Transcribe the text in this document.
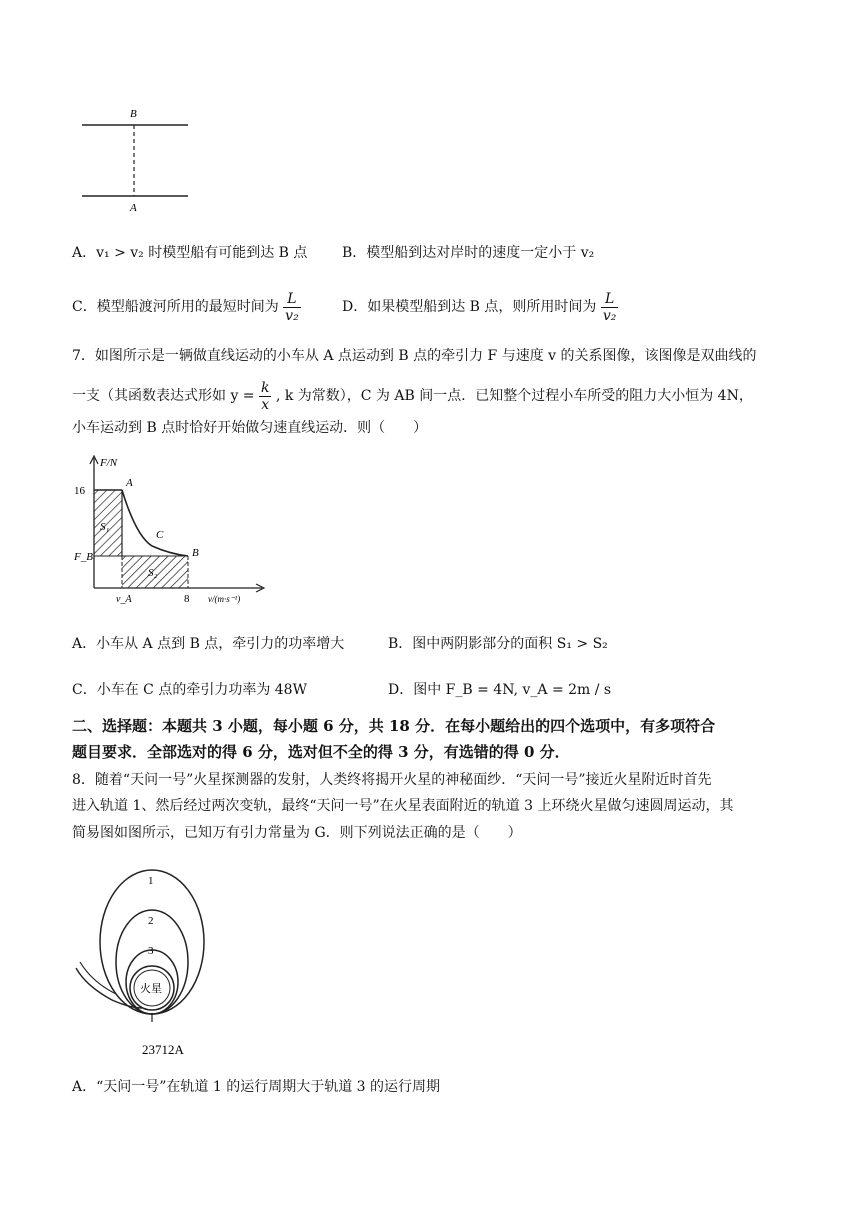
B
A
A．v₁ > v₂ 时模型船有可能到达 B 点 B．模型船到达对岸时的速度一定小于 v₂
C．模型船渡河所用的最短时间为 $\frac{L}{\text{v₂}}$	D．如果模型船到达 B 点，则所用时间为 $\frac{L}{\text{v₂}}$
7．如图所示是一辆做直线运动的小车从 A 点运动到 B 点的牵引力 F 与速度 v 的关系图像，该图像是双曲线的
一支（其函数表达式形如 $y = \frac{k}{x}$ , k 为常数），C 为 AB 间一点．已知整个过程小车所受的阻力大小恒为 4N，
小车运动到 B 点时恰好开始做匀速直线运动．则（　　）
F/N
16
F_B
A
B
C
S₁
S₂
v_A	8 v/(m·s⁻¹)
A．小车从 A 点到 B 点，牵引力的功率增大	B．图中两阴影部分的面积 S₁ > S₂
C．小车在 C 点的牵引力功率为 48W	D．图中 F_B = 4N, v_A = 2m / s
二、选择题：本题共 3 小题，每小题 6 分，共 18 分．在每小题给出的四个选项中，有多项符合
题目要求．全部选对的得 6 分，选对但不全的得 3 分，有选错的得 0 分．
8．随着“天问一号”火星探测器的发射，人类终将揭开火星的神秘面纱．“天问一号”接近火星附近时首先
进入轨道 1、然后经过两次变轨，最终“天问一号”在火星表面附近的轨道 3 上环绕火星做匀速圆周运动，其
简易图如图所示，已知万有引力常量为 G．则下列说法正确的是（　　）
1
2
3
火星
23712A
A．“天问一号”在轨道 1 的运行周期大于轨道 3 的运行周期
